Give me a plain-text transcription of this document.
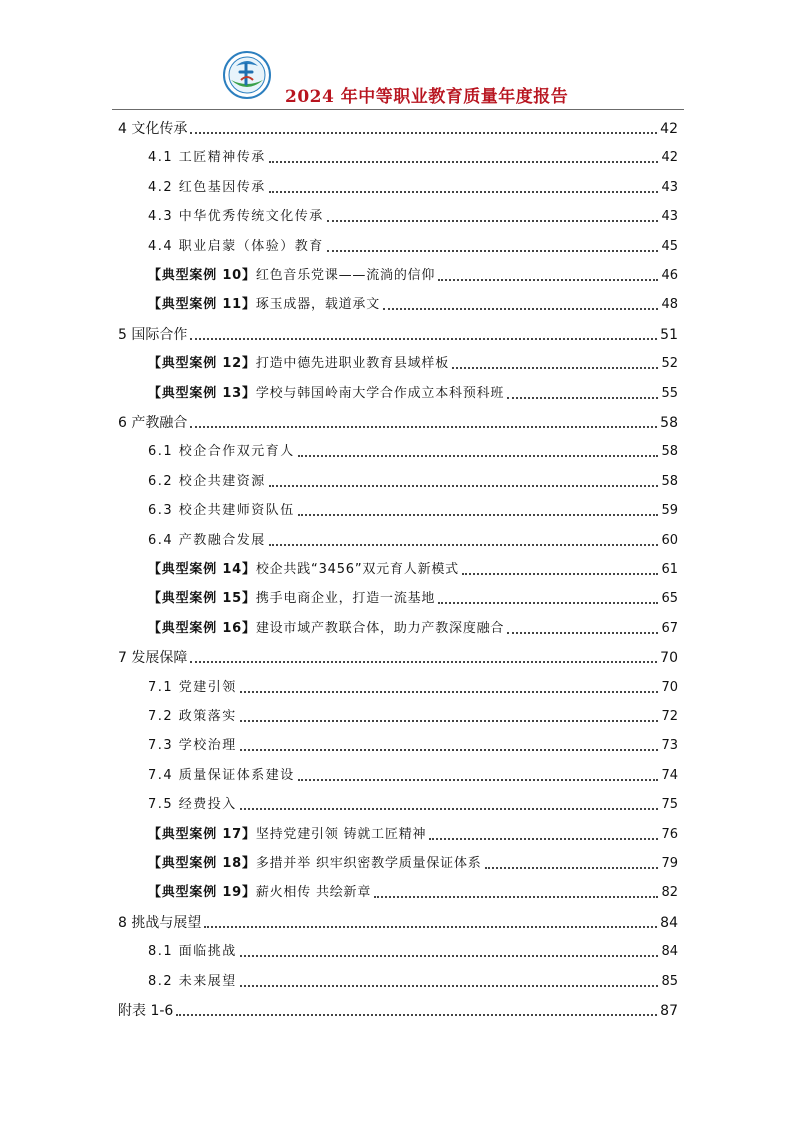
2024 年中等职业教育质量年度报告
4 文化传承	42
4.1 工匠精神传承	42
4.2 红色基因传承	43
4.3 中华优秀传统文化传承	43
4.4 职业启蒙（体验）教育	45
【典型案例 10】红色音乐党课——流淌的信仰	46
【典型案例 11】琢玉成器，载道承文	48
5 国际合作	51
【典型案例 12】打造中德先进职业教育县域样板	52
【典型案例 13】学校与韩国岭南大学合作成立本科预科班	55
6 产教融合	58
6.1 校企合作双元育人	58
6.2 校企共建资源	58
6.3 校企共建师资队伍	59
6.4 产教融合发展	60
【典型案例 14】校企共践“3456”双元育人新模式	61
【典型案例 15】携手电商企业，打造一流基地	65
【典型案例 16】建设市域产教联合体，助力产教深度融合	67
7 发展保障	70
7.1 党建引领	70
7.2 政策落实	72
7.3 学校治理	73
7.4 质量保证体系建设	74
7.5 经费投入	75
【典型案例 17】坚持党建引领 铸就工匠精神	76
【典型案例 18】多措并举 织牢织密教学质量保证体系	79
【典型案例 19】薪火相传 共绘新章	82
8 挑战与展望	84
8.1 面临挑战	84
8.2 未来展望	85
附表 1-6	87
